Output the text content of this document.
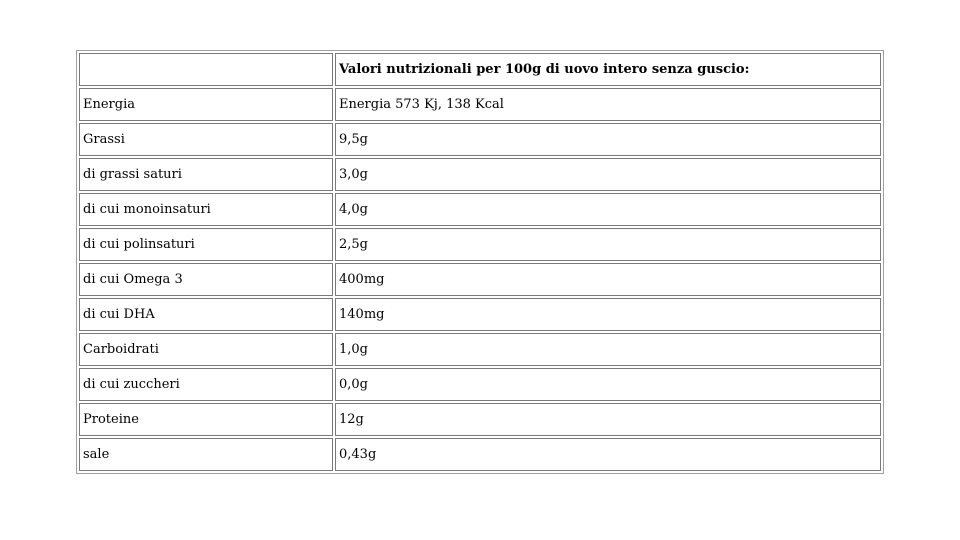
	Valori nutrizionali per 100g di uovo intero senza guscio:
Energia	Energia 573 Kj, 138 Kcal
Grassi	9,5g
di grassi saturi	3,0g
di cui monoinsaturi	4,0g
di cui polinsaturi	2,5g
di cui Omega 3	400mg
di cui DHA	140mg
Carboidrati	1,0g
di cui zuccheri	0,0g
Proteine	12g
sale	0,43g
